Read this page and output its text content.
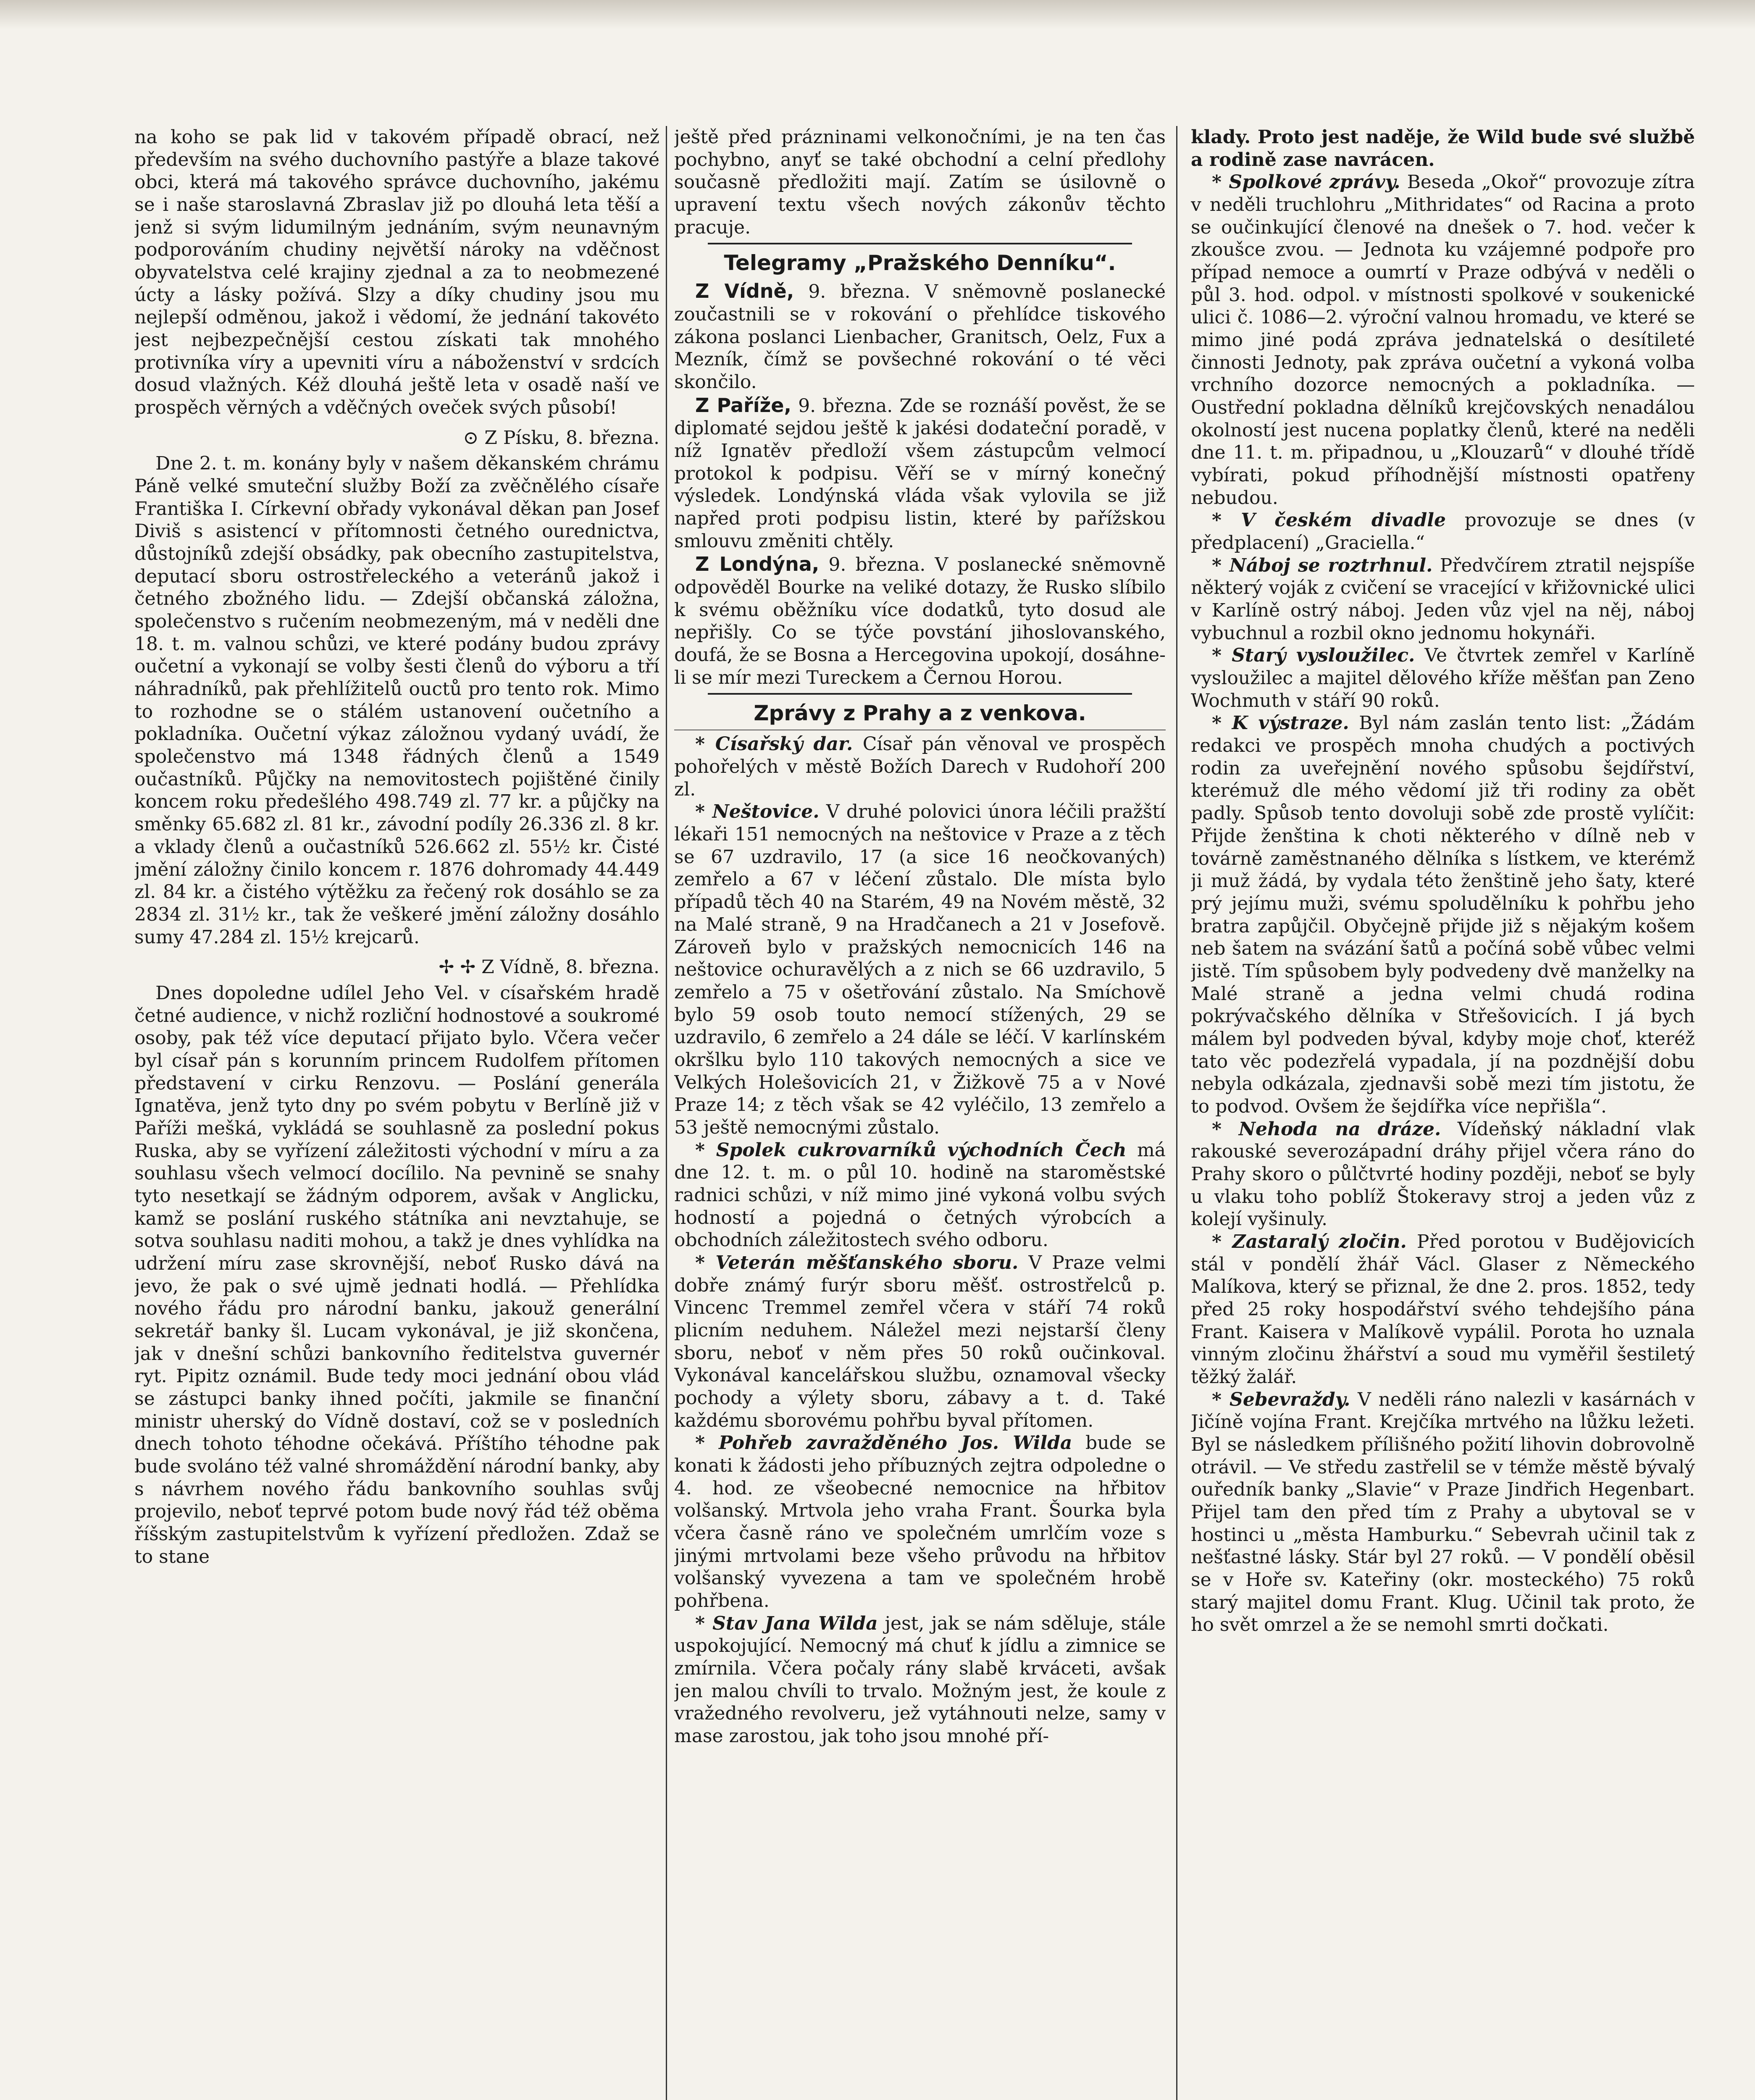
na koho se pak lid v takovém případě obrací, než především na svého duchovního pastýře a blaze takové obci, která má takového správce duchovního, jakému se i naše staroslavná Zbraslav již po dlouhá leta těší a jenž si svým lidumilným jednáním, svým neunavným podporováním chudiny největší nároky na vděčnost obyvatelstva celé krajiny zjednal a za to neobmezené úcty a lásky požívá. Slzy a díky chudiny jsou mu nejlepší odměnou, jakož i vědomí, že jednání takovéto jest nejbezpečnější cestou získati tak mnohého protivníka víry a upevniti víru a náboženství v srdcích dosud vlažných. Kéž dlouhá ještě leta v osadě naší ve prospěch věrných a vděčných oveček svých působí!

⊙ Z Písku, 8. března.

Dne 2. t. m. konány byly v našem děkanském chrámu Páně velké smuteční služby Boží za zvěčnělého císaře Františka I. Církevní obřady vykonával děkan pan Josef Diviš s asistencí v přítomnosti četného ourednictva, důstojníků zdejší obsádky, pak obecního zastupitelstva, deputací sboru ostrostřeleckého a veteránů jakož i četného zbožného lidu. — Zdejší občanská záložna, společenstvo s ručením neobmezeným, má v neděli dne 18. t. m. valnou schůzi, ve které podány budou zprávy oučetní a vykonají se volby šesti členů do výboru a tří náhradníků, pak přehlížitelů ouctů pro tento rok. Mimo to rozhodne se o stálém ustanovení oučetního a pokladníka. Oučetní výkaz záložnou vydaný uvádí, že společenstvo má 1348 řádných členů a 1549 oučastníků. Půjčky na nemovitostech pojištěné činily koncem roku předešlého 498.749 zl. 77 kr. a půjčky na směnky 65.682 zl. 81 kr., závodní podíly 26.336 zl. 8 kr. a vklady členů a oučastníků 526.662 zl. 55½ kr. Čisté jmění záložny činilo koncem r. 1876 dohromady 44.449 zl. 84 kr. a čistého výtěžku za řečený rok dosáhlo se za 2834 zl. 31½ kr., tak že veškeré jmění záložny dosáhlo sumy 47.284 zl. 15½ krejcarů.

✢ ✢ Z Vídně, 8. března.

Dnes dopoledne udílel Jeho Vel. v císařském hradě četné audience, v nichž rozliční hodnostové a soukromé osoby, pak též více deputací přijato bylo. Včera večer byl císař pán s korunním princem Rudolfem přítomen představení v cirku Renzovu. — Poslání generála Ignatěva, jenž tyto dny po svém pobytu v Berlíně již v Paříži mešká, vykládá se souhlasně za poslední pokus Ruska, aby se vyřízení záležitosti východní v míru a za souhlasu všech velmocí docílilo. Na pevnině se snahy tyto nesetkají se žádným odporem, avšak v Anglicku, kamž se poslání ruského státníka ani nevztahuje, se sotva souhlasu naditi mohou, a takž je dnes vyhlídka na udržení míru zase skrovnější, neboť Rusko dává na jevo, že pak o své ujmě jednati hodlá. — Přehlídka nového řádu pro národní banku, jakouž generální sekretář banky šl. Lucam vykonával, je již skončena, jak v dnešní schůzi bankovního ředitelstva guvernér ryt. Pipitz oznámil. Bude tedy moci jednání obou vlád se zástupci banky ihned počíti, jakmile se finanční ministr uherský do Vídně dostaví, což se v posledních dnech tohoto téhodne očekává. Příštího téhodne pak bude svoláno též valné shromáždění národní banky, aby s návrhem nového řádu bankovního souhlas svůj projevilo, neboť teprvé potom bude nový řád též oběma říšským zastupitelstvům k vyřízení předložen. Zdaž se to stane

ještě před prázninami velkonočními, je na ten čas pochybno, anyť se také obchodní a celní předlohy současně předložiti mají. Zatím se úsilovně o upravení textu všech nových zákonův těchto pracuje.

Telegramy „Pražského Denníku“.

Z Vídně, 9. března. V sněmovně poslanecké zoučastnili se v rokování o přehlídce tiskového zákona poslanci Lienbacher, Granitsch, Oelz, Fux a Mezník, čímž se povšechné rokování o té věci skončilo.

Z Paříže, 9. března. Zde se roznáší pověst, že se diplomaté sejdou ještě k jakési dodateční poradě, v níž Ignatěv předloží všem zástupcům velmocí protokol k podpisu. Věří se v mírný konečný výsledek. Londýnská vláda však vylovila se již napřed proti podpisu listin, které by pařížskou smlouvu změniti chtěly.

Z Londýna, 9. března. V poslanecké sněmovně odpověděl Bourke na veliké dotazy, že Rusko slíbilo k svému oběžníku více dodatků, tyto dosud ale nepřišly. Co se týče povstání jihoslovanského, doufá, že se Bosna a Hercegovina upokojí, dosáhne-li se mír mezi Tureckem a Černou Horou.

Zprávy z Prahy a z venkova.

* Císařský dar. Císař pán věnoval ve prospěch pohořelých v městě Božích Darech v Rudohoří 200 zl.

* Neštovice. V druhé polovici února léčili pražští lékaři 151 nemocných na neštovice v Praze a z těch se 67 uzdravilo, 17 (a sice 16 neočkovaných) zemřelo a 67 v léčení zůstalo. Dle místa bylo případů těch 40 na Starém, 49 na Novém městě, 32 na Malé straně, 9 na Hradčanech a 21 v Josefově. Zároveň bylo v pražských nemocnicích 146 na neštovice ochuravělých a z nich se 66 uzdravilo, 5 zemřelo a 75 v ošetřování zůstalo. Na Smíchově bylo 59 osob touto nemocí stížených, 29 se uzdravilo, 6 zemřelo a 24 dále se léčí. V karlínském okršlku bylo 110 takových nemocných a sice ve Velkých Holešovicích 21, v Žižkově 75 a v Nové Praze 14; z těch však se 42 vyléčilo, 13 zemřelo a 53 ještě nemocnými zůstalo.

* Spolek cukrovarníků východních Čech má dne 12. t. m. o půl 10. hodině na staroměstské radnici schůzi, v níž mimo jiné vykoná volbu svých hodností a pojedná o četných výrobcích a obchodních záležitostech svého odboru.

* Veterán měšťanského sboru. V Praze velmi dobře známý furýr sboru měšť. ostrostřelců p. Vincenc Tremmel zemřel včera v stáří 74 roků plicním neduhem. Náležel mezi nejstarší členy sboru, neboť v něm přes 50 roků oučinkoval. Vykonával kancelářskou službu, oznamoval všecky pochody a výlety sboru, zábavy a t. d. Také každému sborovému pohřbu byval přítomen.

* Pohřeb zavražděného Jos. Wilda bude se konati k žádosti jeho příbuzných zejtra odpoledne o 4. hod. ze všeobecné nemocnice na hřbitov volšanský. Mrtvola jeho vraha Frant. Šourka byla včera časně ráno ve společném umrlčím voze s jinými mrtvolami beze všeho průvodu na hřbitov volšanský vyvezena a tam ve společném hrobě pohřbena.

* Stav Jana Wilda jest, jak se nám sděluje, stále uspokojující. Nemocný má chuť k jídlu a zimnice se zmírnila. Včera počaly rány slabě krváceti, avšak jen malou chvíli to trvalo. Možným jest, že koule z vražedného revolveru, jež vytáhnouti nelze, samy v mase zarostou, jak toho jsou mnohé pří-

klady. Proto jest naděje, že Wild bude své službě a rodině zase navrácen.

* Spolkové zprávy. Beseda „Okoř“ provozuje zítra v neděli truchlohru „Mithridates“ od Racina a proto se oučinkující členové na dnešek o 7. hod. večer k zkoušce zvou. — Jednota ku vzájemné podpoře pro případ nemoce a oumrtí v Praze odbývá v neděli o půl 3. hod. odpol. v místnosti spolkové v soukenické ulici č. 1086—2. výroční valnou hromadu, ve které se mimo jiné podá zpráva jednatelská o desítileté činnosti Jednoty, pak zpráva oučetní a vykoná volba vrchního dozorce nemocných a pokladníka. — Oustřední pokladna dělníků krejčovských nenadálou okolností jest nucena poplatky členů, které na neděli dne 11. t. m. připadnou, u „Klouzarů“ v dlouhé třídě vybírati, pokud příhodnější místnosti opatřeny nebudou.

* V českém divadle provozuje se dnes (v předplacení) „Graciella.“

* Náboj se roztrhnul. Předvčírem ztratil nejspíše některý voják z cvičení se vracející v křižovnické ulici v Karlíně ostrý náboj. Jeden vůz vjel na něj, náboj vybuchnul a rozbil okno jednomu hokynáři.

* Starý vysloužilec. Ve čtvrtek zemřel v Karlíně vysloužilec a majitel dělového kříže měšťan pan Zeno Wochmuth v stáří 90 roků.

* K výstraze. Byl nám zaslán tento list: „Žádám redakci ve prospěch mnoha chudých a poctivých rodin za uveřejnění nového spůsobu šejdířství, kterémuž dle mého vědomí již tři rodiny za obět padly. Spůsob tento dovoluji sobě zde prostě vylíčit: Přijde ženština k choti některého v dílně neb v továrně zaměstnaného dělníka s lístkem, ve kterémž ji muž žádá, by vydala této ženštině jeho šaty, které prý jejímu muži, svému spoludělníku k pohřbu jeho bratra zapůjčil. Obyčejně přijde již s nějakým košem neb šatem na svázání šatů a počíná sobě vůbec velmi jistě. Tím spůsobem byly podvedeny dvě manželky na Malé straně a jedna velmi chudá rodina pokrývačského dělníka v Střešovicích. I já bych málem byl podveden býval, kdyby moje choť, kteréž tato věc podezřelá vypadala, jí na pozdnější dobu nebyla odkázala, zjednavši sobě mezi tím jistotu, že to podvod. Ovšem že šejdířka více nepřišla“.

* Nehoda na dráze. Vídeňský nákladní vlak rakouské severozápadní dráhy přijel včera ráno do Prahy skoro o půlčtvrté hodiny později, neboť se byly u vlaku toho poblíž Štokeravy stroj a jeden vůz z kolejí vyšinuly.

* Zastaralý zločin. Před porotou v Budějovicích stál v pondělí žhář Václ. Glaser z Německého Malíkova, který se přiznal, že dne 2. pros. 1852, tedy před 25 roky hospodářství svého tehdejšího pána Frant. Kaisera v Malíkově vypálil. Porota ho uznala vinným zločinu žhářství a soud mu vyměřil šestiletý těžký žalář.

* Sebevraždy. V neděli ráno nalezli v kasárnách v Jičíně vojína Frant. Krejčíka mrtvého na lůžku ležeti. Byl se následkem přílišného požití lihovin dobrovolně otrávil. — Ve středu zastřelil se v témže městě bývalý ouředník banky „Slavie“ v Praze Jindřich Hegenbart. Přijel tam den před tím z Prahy a ubytoval se v hostinci u „města Hamburku.“ Sebevrah učinil tak z nešťastné lásky. Stár byl 27 roků. — V pondělí oběsil se v Hoře sv. Kateřiny (okr. mosteckého) 75 roků starý majitel domu Frant. Klug. Učinil tak proto, že ho svět omrzel a že se nemohl smrti dočkati.
